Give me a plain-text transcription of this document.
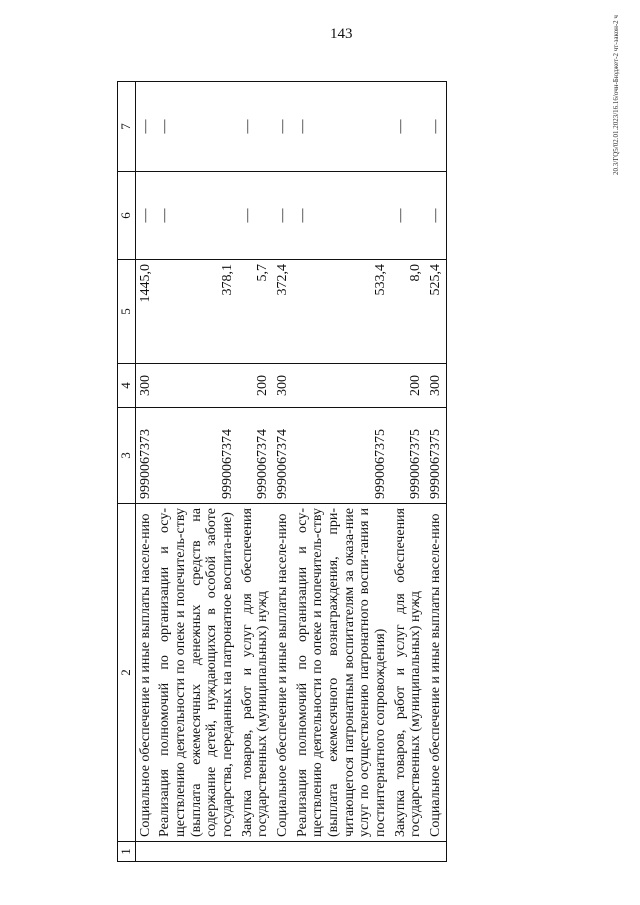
143	20.3/ГQ5/02.01.2023/16.16/очн-Бюджет-2 чт-закон-2 ч
1	2	3	4	5	6	7
	Социальное обеспечение и иные выплаты населе-нию	9990067373	300	1445,0	—	—
	Реализация полномочий по организации и осу-ществлению деятельности по опеке и попечитель-ству (выплата ежемесячных денежных средств на содержание детей, нуждающихся в особой заботе государства, переданных на патронатное воспита-ние)	9990067374		378,1	—	—
	Закупка товаров, работ и услуг для обеспечения государственных (муниципальных) нужд	9990067374	200	5,7	—	—
	Социальное обеспечение и иные выплаты населе-нию	9990067374	300	372,4	—	—
	Реализация полномочий по организации и осу-ществлению деятельности по опеке и попечитель-ству (выплата ежемесячного вознаграждения, при-читающегося патронатным воспитателям за оказа-ние услуг по осуществлению патронатного воспи-тания и постинтернатного сопровождения)	9990067375		533,4	—	—
	Закупка товаров, работ и услуг для обеспечения государственных (муниципальных) нужд	9990067375	200	8,0	—	—
	Социальное обеспечение и иные выплаты населе-нию	9990067375	300	525,4	—	—
